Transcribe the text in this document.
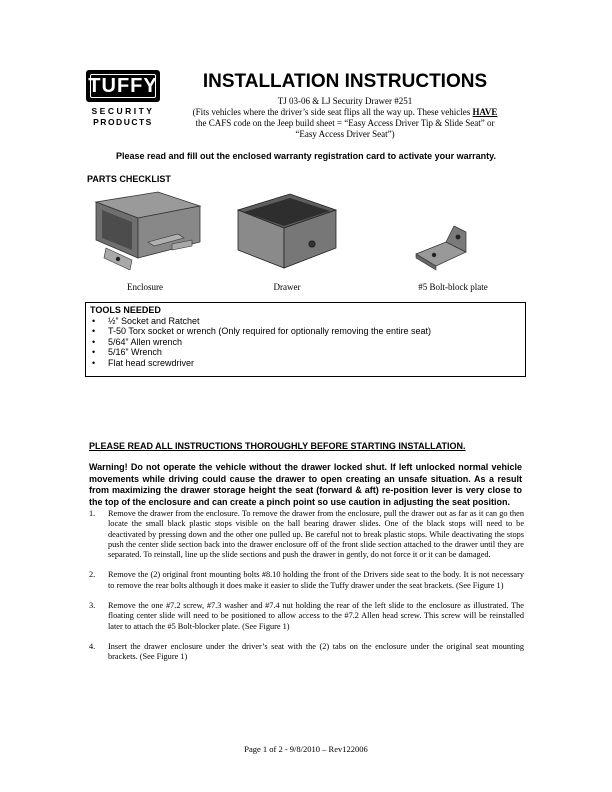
TUFFY
SECURITY
PRODUCTS
INSTALLATION INSTRUCTIONS
TJ 03-06 & LJ Security Drawer #251
(Fits vehicles where the driver’s side seat flips all the way up. These vehicles HAVE
the CAFS code on the Jeep build sheet = “Easy Access Driver Tip & Slide Seat” or
“Easy Access Driver Seat”)
Please read and fill out the enclosed warranty registration card to activate your warranty.
PARTS CHECKLIST
Enclosure	Drawer	#5 Bolt-block plate
TOOLS NEEDED
• ½” Socket and Ratchet
• T-50 Torx socket or wrench (Only required for optionally removing the entire seat)
• 5/64” Allen wrench
• 5/16” Wrench
• Flat head screwdriver
PLEASE READ ALL INSTRUCTIONS THOROUGHLY BEFORE STARTING INSTALLATION.
Warning! Do not operate the vehicle without the drawer locked shut. If left unlocked normal vehicle movements while driving could cause the drawer to open creating an unsafe situation. As a result from maximizing the drawer storage height the seat (forward & aft) re-position lever is very close to the top of the enclosure and can create a pinch point so use caution in adjusting the seat position.
1. Remove the drawer from the enclosure. To remove the drawer from the enclosure, pull the drawer out as far as it can go then locate the small black plastic stops visible on the ball bearing drawer slides. One of the black stops will need to be deactivated by pressing down and the other one pulled up. Be careful not to break plastic stops. While deactivating the stops push the center slide section back into the drawer enclosure off of the front slide section attached to the drawer until they are separated. To reinstall, line up the slide sections and push the drawer in gently, do not force it or it can be damaged.
2. Remove the (2) original front mounting bolts #8.10 holding the front of the Drivers side seat to the body. It is not necessary to remove the rear bolts although it does make it easier to slide the Tuffy drawer under the seat brackets. (See Figure 1)
3. Remove the one #7.2 screw, #7.3 washer and #7.4 nut holding the rear of the left slide to the enclosure as illustrated. The floating center slide will need to be positioned to allow access to the #7.2 Allen head screw. This screw will be reinstalled later to attach the #5 Bolt-blocker plate. (See Figure 1)
4. Insert the drawer enclosure under the driver’s seat with the (2) tabs on the enclosure under the original seat mounting brackets. (See Figure 1)
Page 1 of 2 - 9/8/2010 – Rev122006
